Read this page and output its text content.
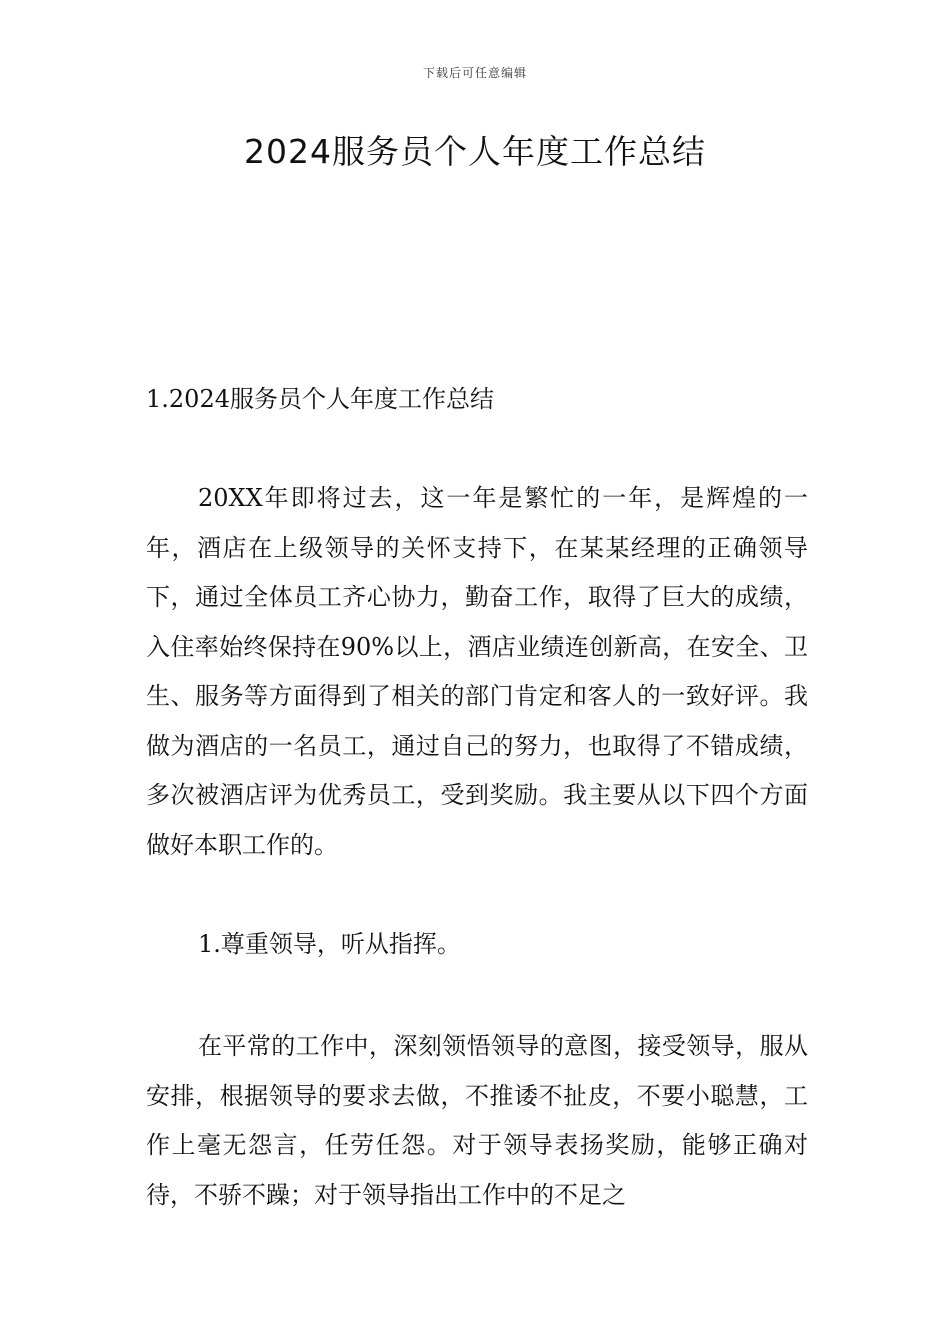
下载后可任意编辑
2024服务员个人年度工作总结

1.2024服务员个人年度工作总结

20XX年即将过去，这一年是繁忙的一年，是辉煌的一年，酒店在上级领导的关怀支持下，在某某经理的正确领导下，通过全体员工齐心协力，勤奋工作，取得了巨大的成绩，入住率始终保持在90%以上，酒店业绩连创新高，在安全、卫生、服务等方面得到了相关的部门肯定和客人的一致好评。我做为酒店的一名员工，通过自己的努力，也取得了不错成绩，多次被酒店评为优秀员工，受到奖励。我主要从以下四个方面做好本职工作的。

1.尊重领导，听从指挥。

在平常的工作中，深刻领悟领导的意图，接受领导，服从安排，根据领导的要求去做，不推诿不扯皮，不要小聪慧，工作上毫无怨言，任劳任怨。对于领导表扬奖励，能够正确对待，不骄不躁；对于领导指出工作中的不足之
